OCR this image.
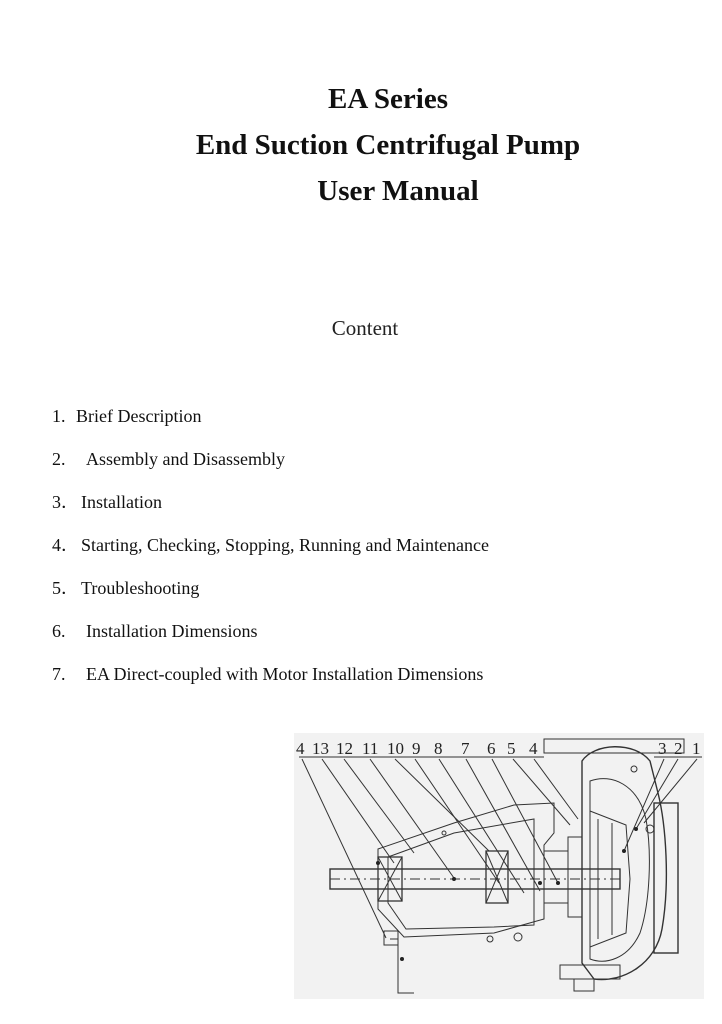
EA Series
End Suction Centrifugal Pump
User Manual
Content
1. Brief Description
2. Assembly and Disassembly
3． Installation
4． Starting, Checking, Stopping, Running and Maintenance
5． Troubleshooting
6. Installation Dimensions
7. EA Direct-coupled with Motor Installation Dimensions
4 13 12 11 10 9 8 7 6 5 4	3 2 1
